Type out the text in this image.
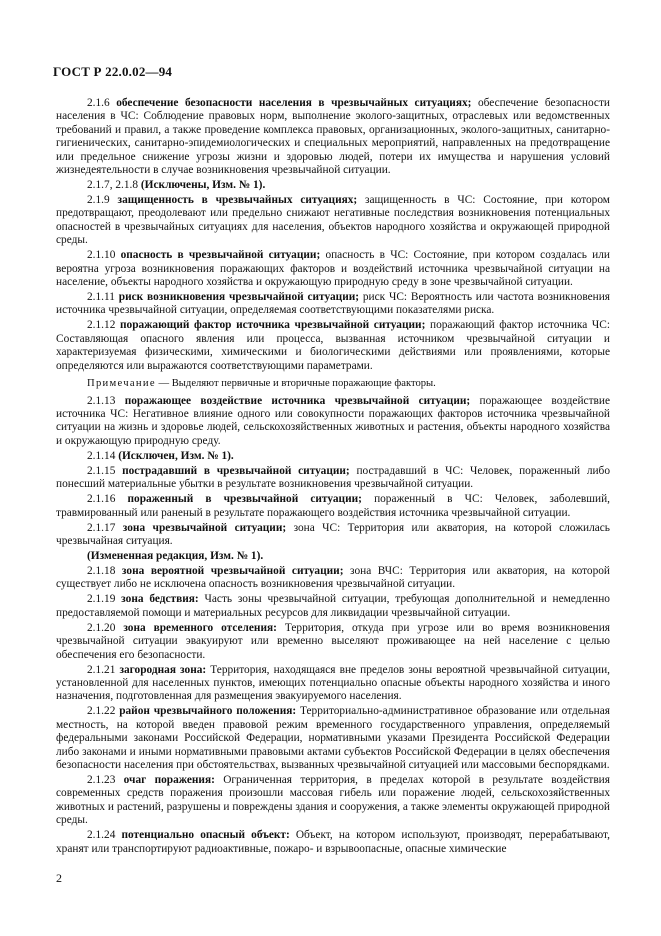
ГОСТ Р 22.0.02—94

2.1.6 обеспечение безопасности населения в чрезвычайных ситуациях; обеспечение безопасности населения в ЧС: Соблюдение правовых норм, выполнение эколого-защитных, отраслевых или ведомственных требований и правил, а также проведение комплекса правовых, организационных, эколого-защитных, санитарно-гигиенических, санитарно-эпидемиологических и специальных мероприятий, направленных на предотвращение или предельное снижение угрозы жизни и здоровью людей, потери их имущества и нарушения условий жизнедеятельности в случае возникновения чрезвычайной ситуации.

2.1.7, 2.1.8 (Исключены, Изм. № 1).

2.1.9 защищенность в чрезвычайных ситуациях; защищенность в ЧС: Состояние, при котором предотвращают, преодолевают или предельно снижают негативные последствия возникновения потенциальных опасностей в чрезвычайных ситуациях для населения, объектов народного хозяйства и окружающей природной среды.

2.1.10 опасность в чрезвычайной ситуации; опасность в ЧС: Состояние, при котором создалась или вероятна угроза возникновения поражающих факторов и воздействий источника чрезвычайной ситуации на население, объекты народного хозяйства и окружающую природную среду в зоне чрезвычайной ситуации.

2.1.11 риск возникновения чрезвычайной ситуации; риск ЧС: Вероятность или частота возникновения источника чрезвычайной ситуации, определяемая соответствующими показателями риска.

2.1.12 поражающий фактор источника чрезвычайной ситуации; поражающий фактор источника ЧС: Составляющая опасного явления или процесса, вызванная источником чрезвычайной ситуации и характеризуемая физическими, химическими и биологическими действиями или проявлениями, которые определяются или выражаются соответствующими параметрами.

Примечание — Выделяют первичные и вторичные поражающие факторы.

2.1.13 поражающее воздействие источника чрезвычайной ситуации; поражающее воздействие источника ЧС: Негативное влияние одного или совокупности поражающих факторов источника чрезвычайной ситуации на жизнь и здоровье людей, сельскохозяйственных животных и растения, объекты народного хозяйства и окружающую природную среду.

2.1.14 (Исключен, Изм. № 1).

2.1.15 пострадавший в чрезвычайной ситуации; пострадавший в ЧС: Человек, пораженный либо понесший материальные убытки в результате возникновения чрезвычайной ситуации.

2.1.16 пораженный в чрезвычайной ситуации; пораженный в ЧС: Человек, заболевший, травмированный или раненый в результате поражающего воздействия источника чрезвычайной ситуации.

2.1.17 зона чрезвычайной ситуации; зона ЧС: Территория или акватория, на которой сложилась чрезвычайная ситуация.

(Измененная редакция, Изм. № 1).

2.1.18 зона вероятной чрезвычайной ситуации; зона ВЧС: Территория или акватория, на которой существует либо не исключена опасность возникновения чрезвычайной ситуации.

2.1.19 зона бедствия: Часть зоны чрезвычайной ситуации, требующая дополнительной и немедленно предоставляемой помощи и материальных ресурсов для ликвидации чрезвычайной ситуации.

2.1.20 зона временного отселения: Территория, откуда при угрозе или во время возникновения чрезвычайной ситуации эвакуируют или временно выселяют проживающее на ней население с целью обеспечения его безопасности.

2.1.21 загородная зона: Территория, находящаяся вне пределов зоны вероятной чрезвычайной ситуации, установленной для населенных пунктов, имеющих потенциально опасные объекты народного хозяйства и иного назначения, подготовленная для размещения эвакуируемого населения.

2.1.22 район чрезвычайного положения: Территориально-административное образование или отдельная местность, на которой введен правовой режим временного государственного управления, определяемый федеральными законами Российской Федерации, нормативными указами Президента Российской Федерации либо законами и иными нормативными правовыми актами субъектов Российской Федерации в целях обеспечения безопасности населения при обстоятельствах, вызванных чрезвычайной ситуацией или массовыми беспорядками.

2.1.23 очаг поражения: Ограниченная территория, в пределах которой в результате воздействия современных средств поражения произошли массовая гибель или поражение людей, сельскохозяйственных животных и растений, разрушены и повреждены здания и сооружения, а также элементы окружающей природной среды.

2.1.24 потенциально опасный объект: Объект, на котором используют, производят, перерабатывают, хранят или транспортируют радиоактивные, пожаро- и взрывоопасные, опасные химические

2
